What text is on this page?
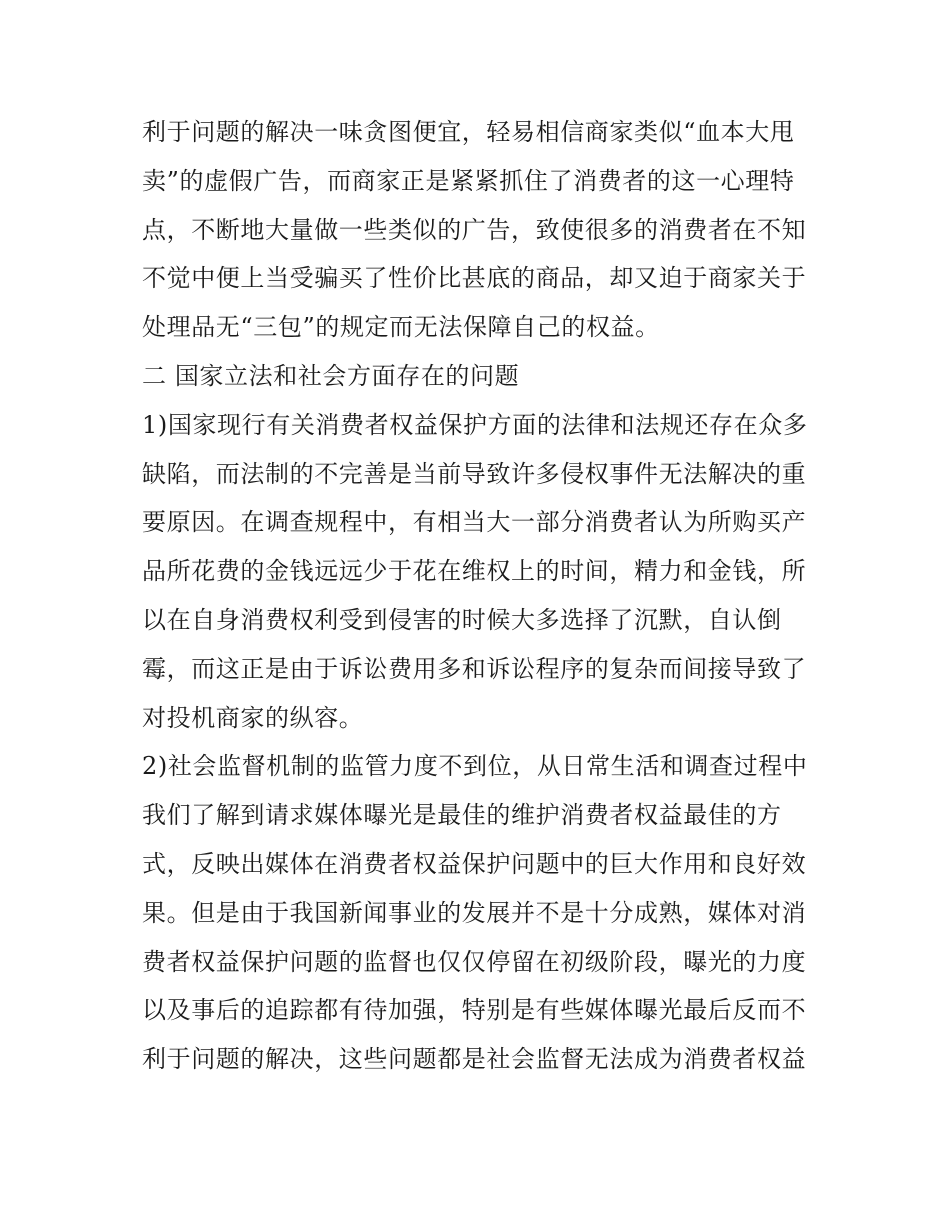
利于问题的解决一味贪图便宜，轻易相信商家类似“血本大甩
卖”的虚假广告，而商家正是紧紧抓住了消费者的这一心理特
点，不断地大量做一些类似的广告，致使很多的消费者在不知
不觉中便上当受骗买了性价比甚底的商品，却又迫于商家关于
处理品无“三包”的规定而无法保障自己的权益。
二 国家立法和社会方面存在的问题
1)国家现行有关消费者权益保护方面的法律和法规还存在众多
缺陷，而法制的不完善是当前导致许多侵权事件无法解决的重
要原因。在调查规程中，有相当大一部分消费者认为所购买产
品所花费的金钱远远少于花在维权上的时间，精力和金钱，所
以在自身消费权利受到侵害的时候大多选择了沉默，自认倒
霉，而这正是由于诉讼费用多和诉讼程序的复杂而间接导致了
对投机商家的纵容。
2)社会监督机制的监管力度不到位，从日常生活和调查过程中
我们了解到请求媒体曝光是最佳的维护消费者权益最佳的方
式，反映出媒体在消费者权益保护问题中的巨大作用和良好效
果。但是由于我国新闻事业的发展并不是十分成熟，媒体对消
费者权益保护问题的监督也仅仅停留在初级阶段，曝光的力度
以及事后的追踪都有待加强，特别是有些媒体曝光最后反而不
利于问题的解决，这些问题都是社会监督无法成为消费者权益
